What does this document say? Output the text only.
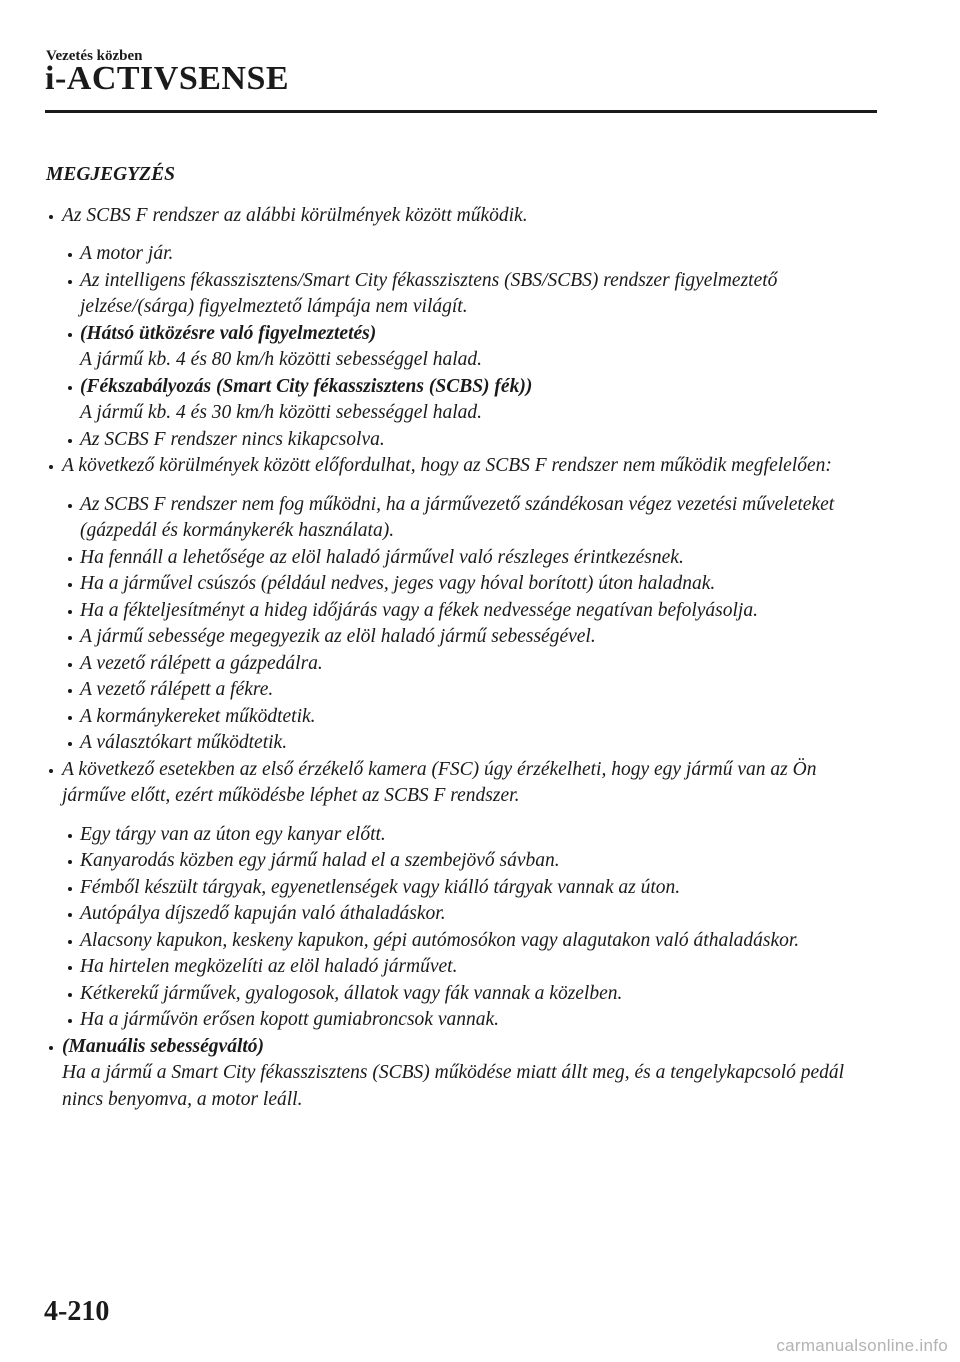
Vezetés közben
i-ACTIVSENSE
MEGJEGYZÉS
Az SCBS F rendszer az alábbi körülmények között működik.
A motor jár.
Az intelligens fékasszisztens/Smart City fékasszisztens (SBS/SCBS) rendszer figyelmeztető jelzése/(sárga) figyelmeztető lámpája nem világít.
(Hátsó ütközésre való figyelmeztetés)
A jármű kb. 4 és 80 km/h közötti sebességgel halad.
(Fékszabályozás (Smart City fékasszisztens (SCBS) fék))
A jármű kb. 4 és 30 km/h közötti sebességgel halad.
Az SCBS F rendszer nincs kikapcsolva.
A következő körülmények között előfordulhat, hogy az SCBS F rendszer nem működik megfelelően:
Az SCBS F rendszer nem fog működni, ha a járművezető szándékosan végez vezetési műveleteket (gázpedál és kormánykerék használata).
Ha fennáll a lehetősége az elöl haladó járművel való részleges érintkezésnek.
Ha a járművel csúszós (például nedves, jeges vagy hóval borított) úton haladnak.
Ha a fékteljesítményt a hideg időjárás vagy a fékek nedvessége negatívan befolyásolja.
A jármű sebessége megegyezik az elöl haladó jármű sebességével.
A vezető rálépett a gázpedálra.
A vezető rálépett a fékre.
A kormánykereket működtetik.
A választókart működtetik.
A következő esetekben az első érzékelő kamera (FSC) úgy érzékelheti, hogy egy jármű van az Ön járműve előtt, ezért működésbe léphet az SCBS F rendszer.
Egy tárgy van az úton egy kanyar előtt.
Kanyarodás közben egy jármű halad el a szembejövő sávban.
Fémből készült tárgyak, egyenetlenségek vagy kiálló tárgyak vannak az úton.
Autópálya díjszedő kapuján való áthaladáskor.
Alacsony kapukon, keskeny kapukon, gépi autómosókon vagy alagutakon való áthaladáskor.
Ha hirtelen megközelíti az elöl haladó járművet.
Kétkerekű járművek, gyalogosok, állatok vagy fák vannak a közelben.
Ha a járművön erősen kopott gumiabroncsok vannak.
(Manuális sebességváltó)
Ha a jármű a Smart City fékasszisztens (SCBS) működése miatt állt meg, és a tengelykapcsoló pedál nincs benyomva, a motor leáll.
4-210
carmanualsonline.info
